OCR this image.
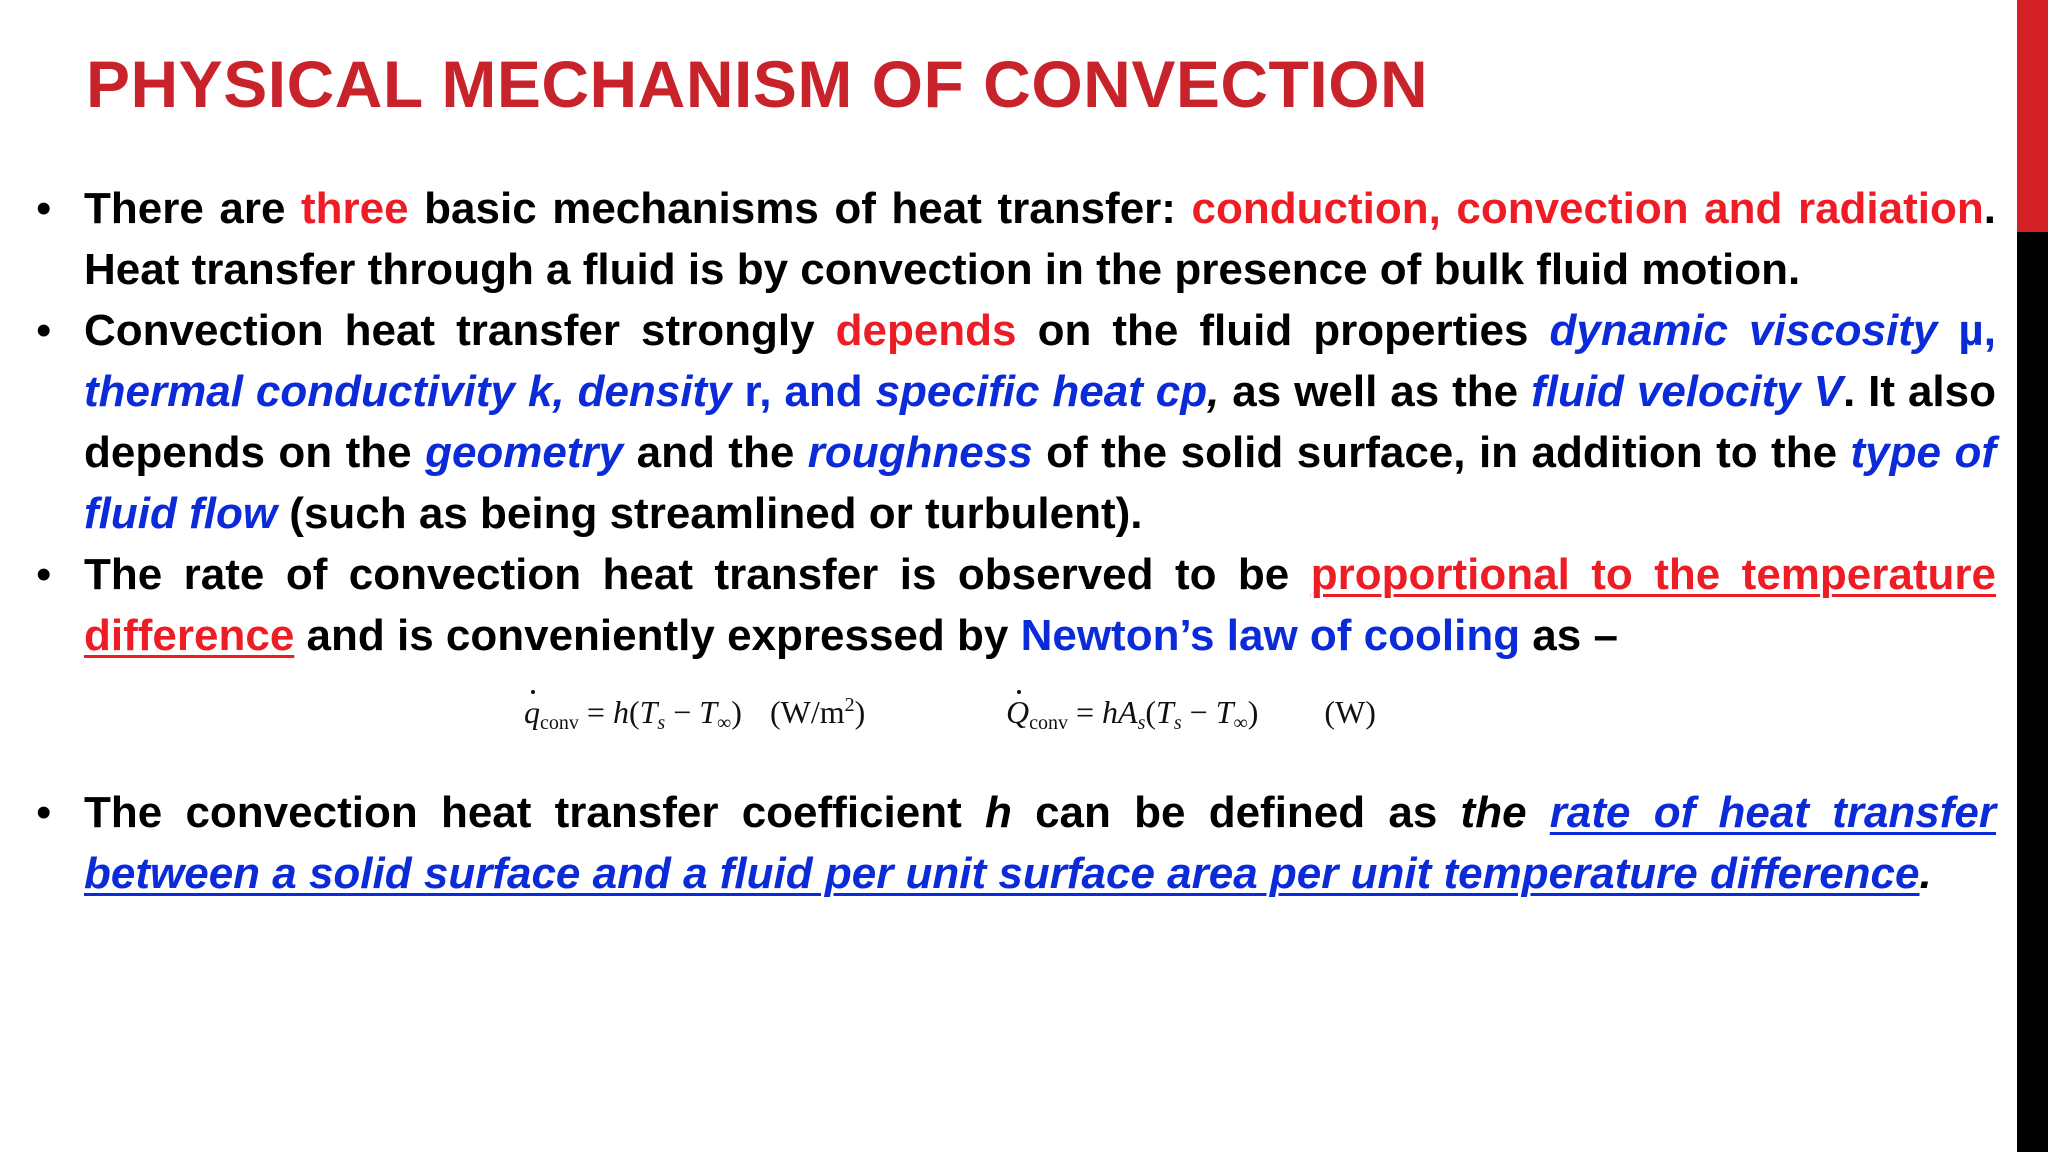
PHYSICAL MECHANISM OF CONVECTION
• There are three basic mechanisms of heat transfer: conduction, convection and radiation. Heat transfer through a fluid is by convection in the presence of bulk fluid motion.
• Convection heat transfer strongly depends on the fluid properties dynamic viscosity µ, thermal conductivity k, density r, and specific heat cp, as well as the fluid velocity V. It also depends on the geometry and the roughness of the solid surface, in addition to the type of fluid flow (such as being streamlined or turbulent).
• The rate of convection heat transfer is observed to be proportional to the temperature difference and is conveniently expressed by Newton’s law of cooling as –
$q_{conv} = h(T_s - T_\infty)$ $(W/m^2)$	$Q_{conv} = hA_s(T_s - T_\infty)$ (W)
• The convection heat transfer coefficient h can be defined as the rate of heat transfer between a solid surface and a fluid per unit surface area per unit temperature difference.
